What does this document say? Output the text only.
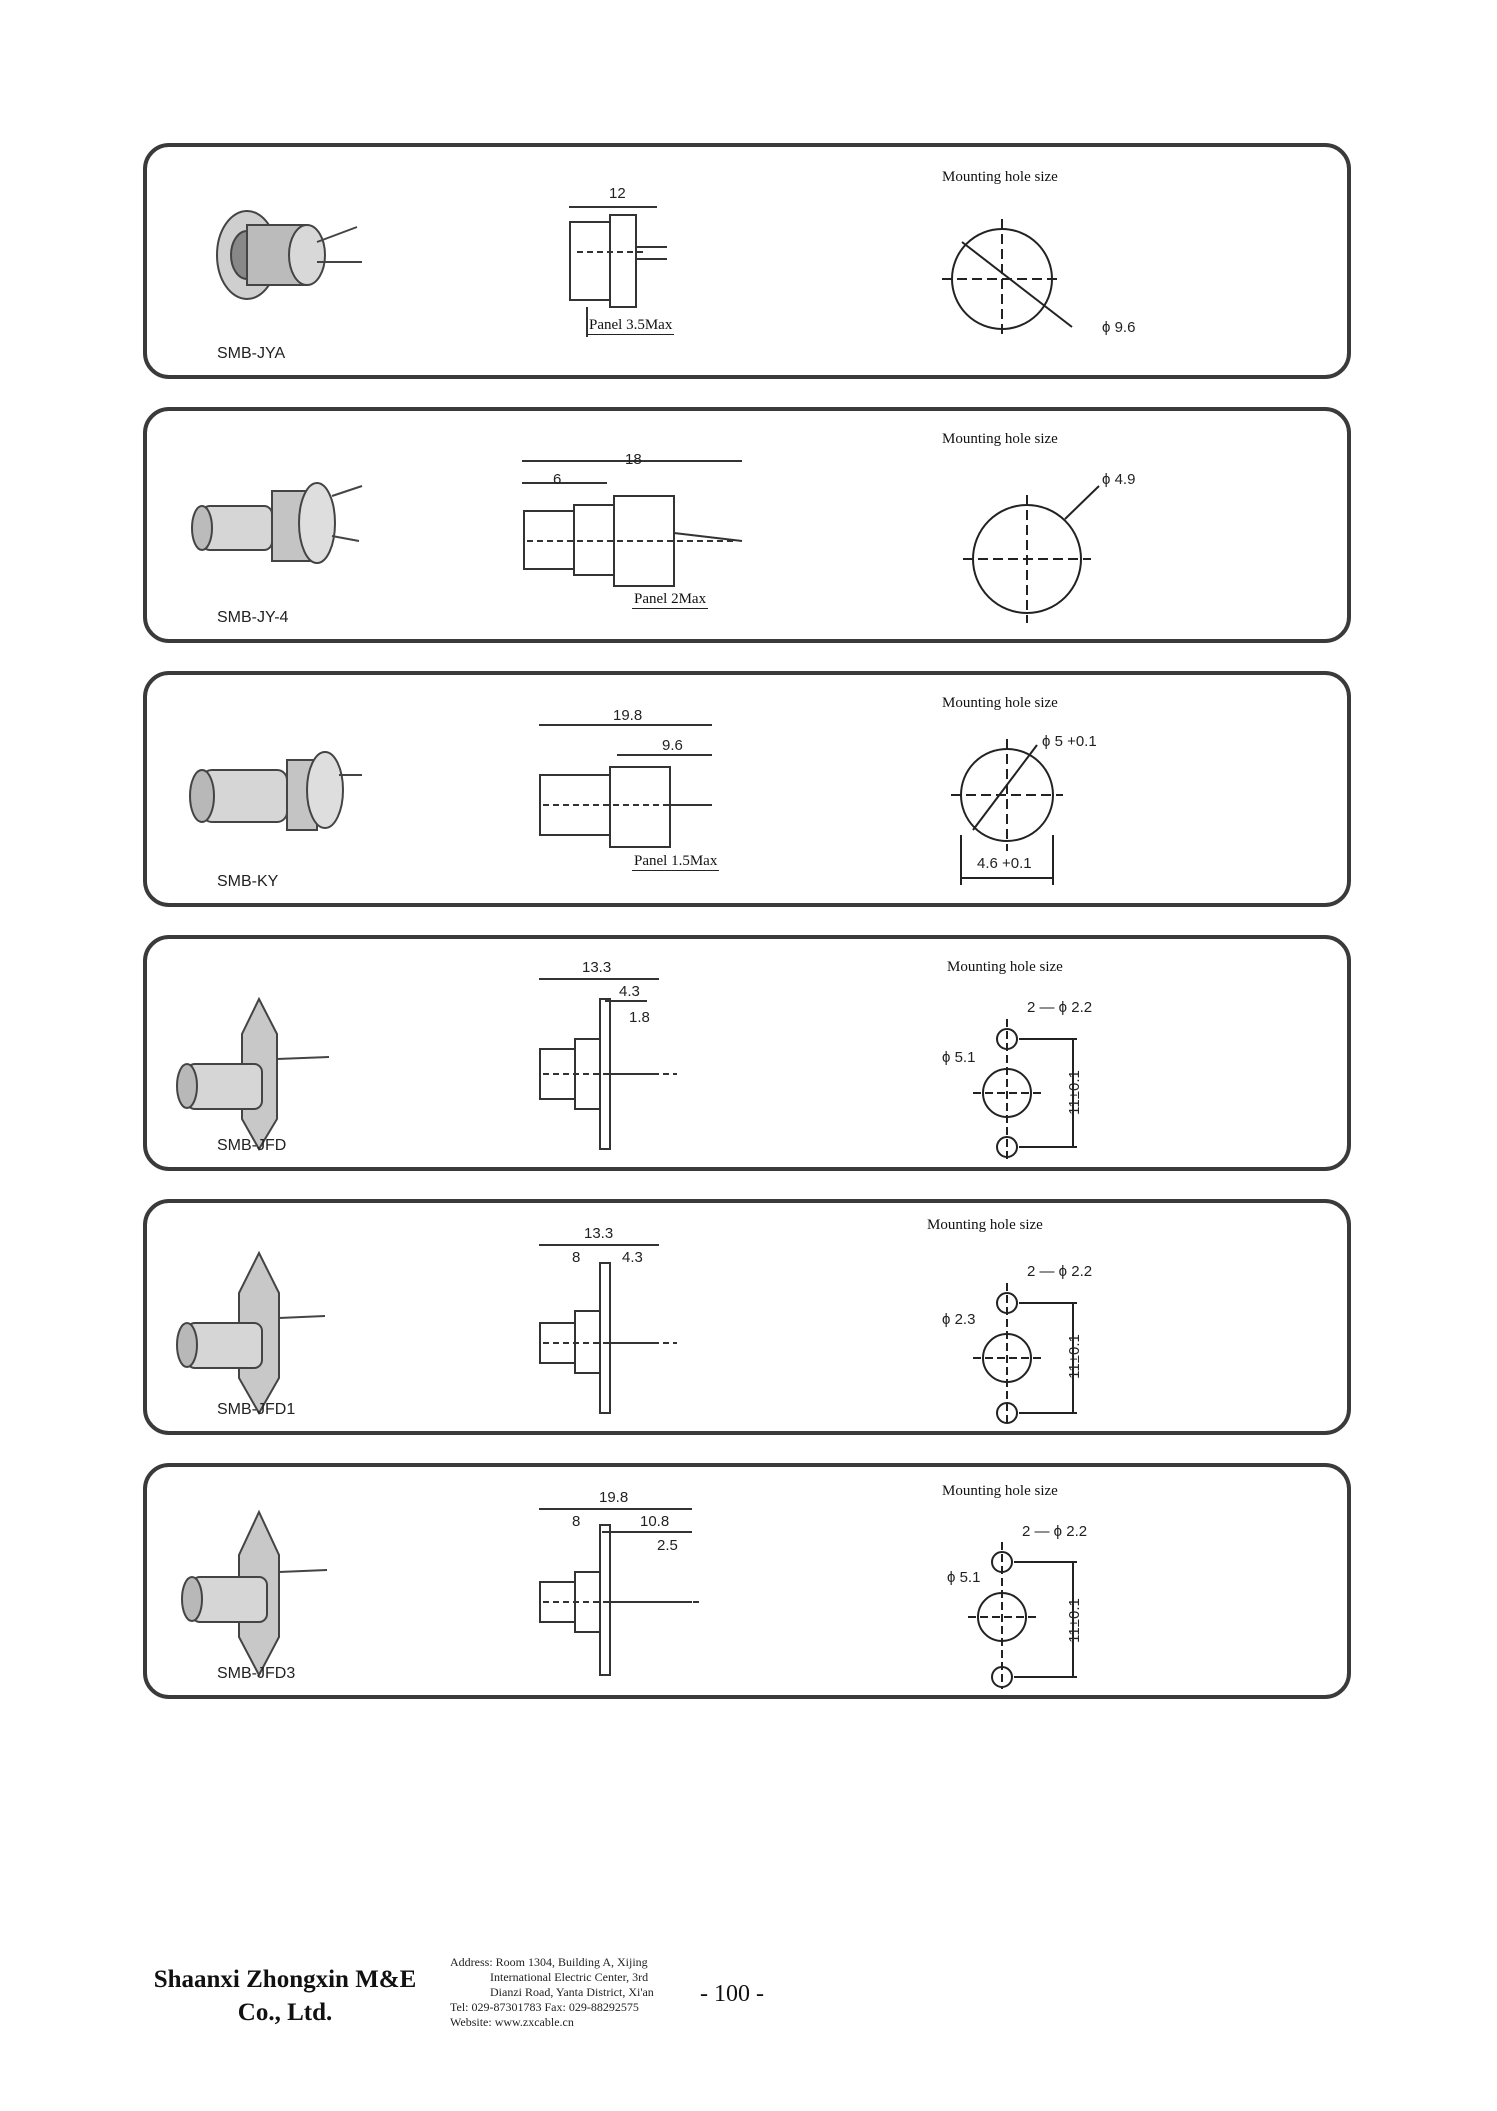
Mounting hole size
12
Panel 3.5Max	ϕ 9.6
SMB-JYA
Mounting hole size
18
6
Panel 2Max
ϕ 4.9
SMB-JY-4
Mounting hole size
19.8
9.6
Panel 1.5Max
ϕ 5 +0.1
4.6 +0.1
SMB-KY
Mounting hole size
13.3
4.3
1.8
2 — ϕ 2.2
ϕ 5.1
11±0.1
SMB-JFD
Mounting hole size
13.3
8	4.3
2 — ϕ 2.2
ϕ 2.3
11±0.1
SMB-JFD1
Mounting hole size
19.8
8	10.8
2.5
2 — ϕ 2.2
ϕ 5.1
11±0.1
SMB-JFD3
Shaanxi Zhongxin M&E
Co., Ltd.
Address: Room 1304, Building A, Xijing
International Electric Center, 3rd
Dianzi Road, Yanta District, Xi'an
Tel: 029-87301783 Fax: 029-88292575
Website: www.zxcable.cn
- 100 -
